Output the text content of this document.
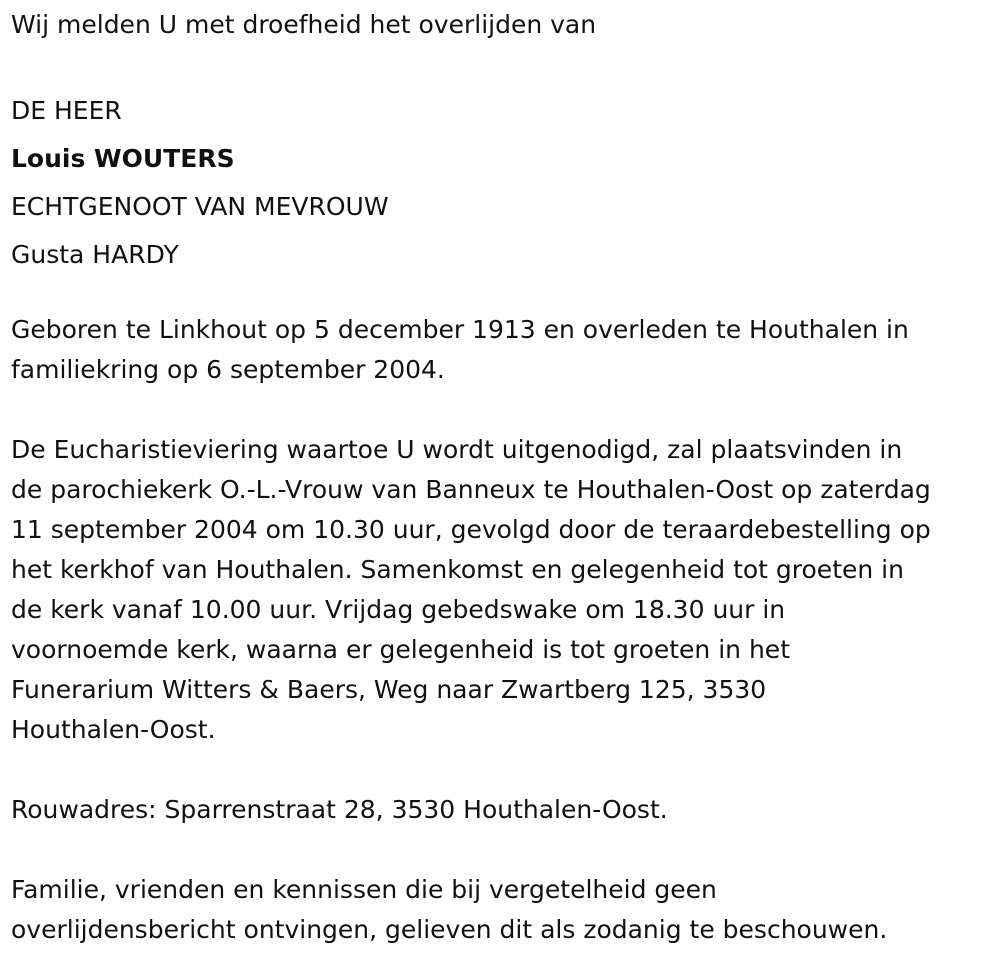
Wij melden U met droefheid het overlijden van
DE HEER
Louis WOUTERS
ECHTGENOOT VAN MEVROUW
Gusta HARDY
Geboren te Linkhout op 5 december 1913 en overleden te Houthalen in
familiekring op 6 september 2004.
De Eucharistieviering waartoe U wordt uitgenodigd, zal plaatsvinden in
de parochiekerk O.-L.-Vrouw van Banneux te Houthalen-Oost op zaterdag
11 september 2004 om 10.30 uur, gevolgd door de teraardebestelling op
het kerkhof van Houthalen. Samenkomst en gelegenheid tot groeten in
de kerk vanaf 10.00 uur. Vrijdag gebedswake om 18.30 uur in
voornoemde kerk, waarna er gelegenheid is tot groeten in het
Funerarium Witters & Baers, Weg naar Zwartberg 125, 3530
Houthalen-Oost.
Rouwadres: Sparrenstraat 28, 3530 Houthalen-Oost.
Familie, vrienden en kennissen die bij vergetelheid geen
overlijdensbericht ontvingen, gelieven dit als zodanig te beschouwen.
